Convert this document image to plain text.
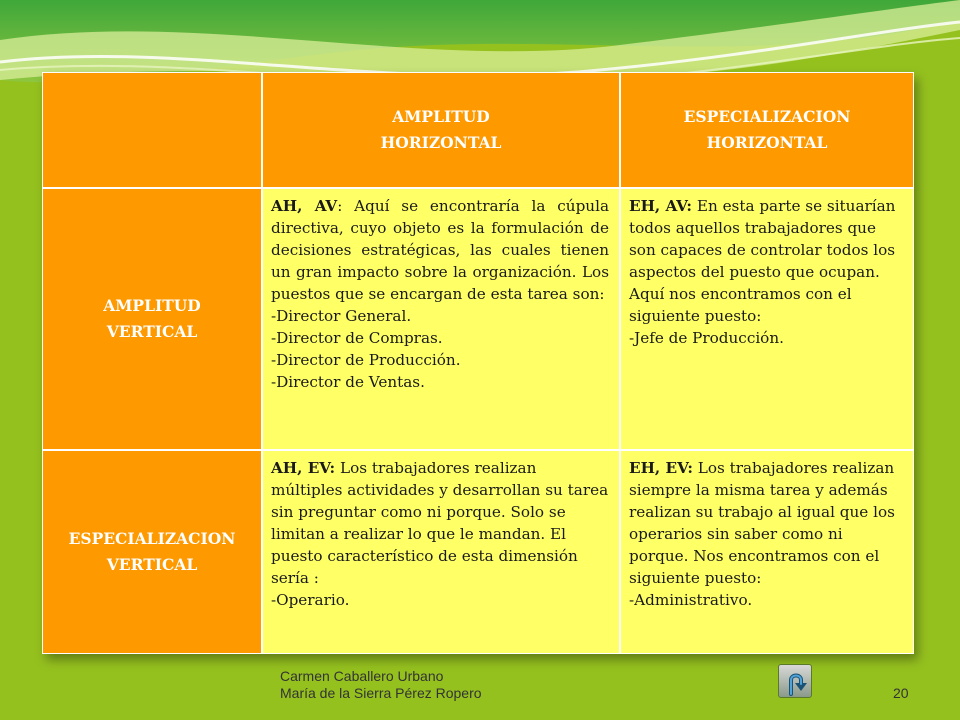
AMPLITUD
HORIZONTAL
ESPECIALIZACION
HORIZONTAL
AMPLITUD
VERTICAL
AH, AV: Aquí se encontraría la cúpula directiva, cuyo objeto es la formulación de decisiones estratégicas, las cuales tienen un gran impacto sobre la organización. Los puestos que se encargan de esta tarea son:
-Director General.
-Director de Compras.
-Director de Producción.
-Director de Ventas.
EH, AV: En esta parte se situarían todos aquellos trabajadores que son capaces de controlar todos los aspectos del puesto que ocupan. Aquí nos encontramos con el siguiente puesto:
-Jefe de Producción.
ESPECIALIZACION
VERTICAL
AH, EV: Los trabajadores realizan múltiples actividades y desarrollan su tarea sin preguntar como ni porque. Solo se limitan a realizar lo que le mandan. El puesto característico de esta dimensión sería :
-Operario.
EH, EV: Los trabajadores realizan siempre la misma tarea y además realizan su trabajo al igual que los operarios sin saber como ni porque. Nos encontramos con el siguiente puesto:
-Administrativo.
Carmen Caballero Urbano
María de la Sierra Pérez Ropero	20
